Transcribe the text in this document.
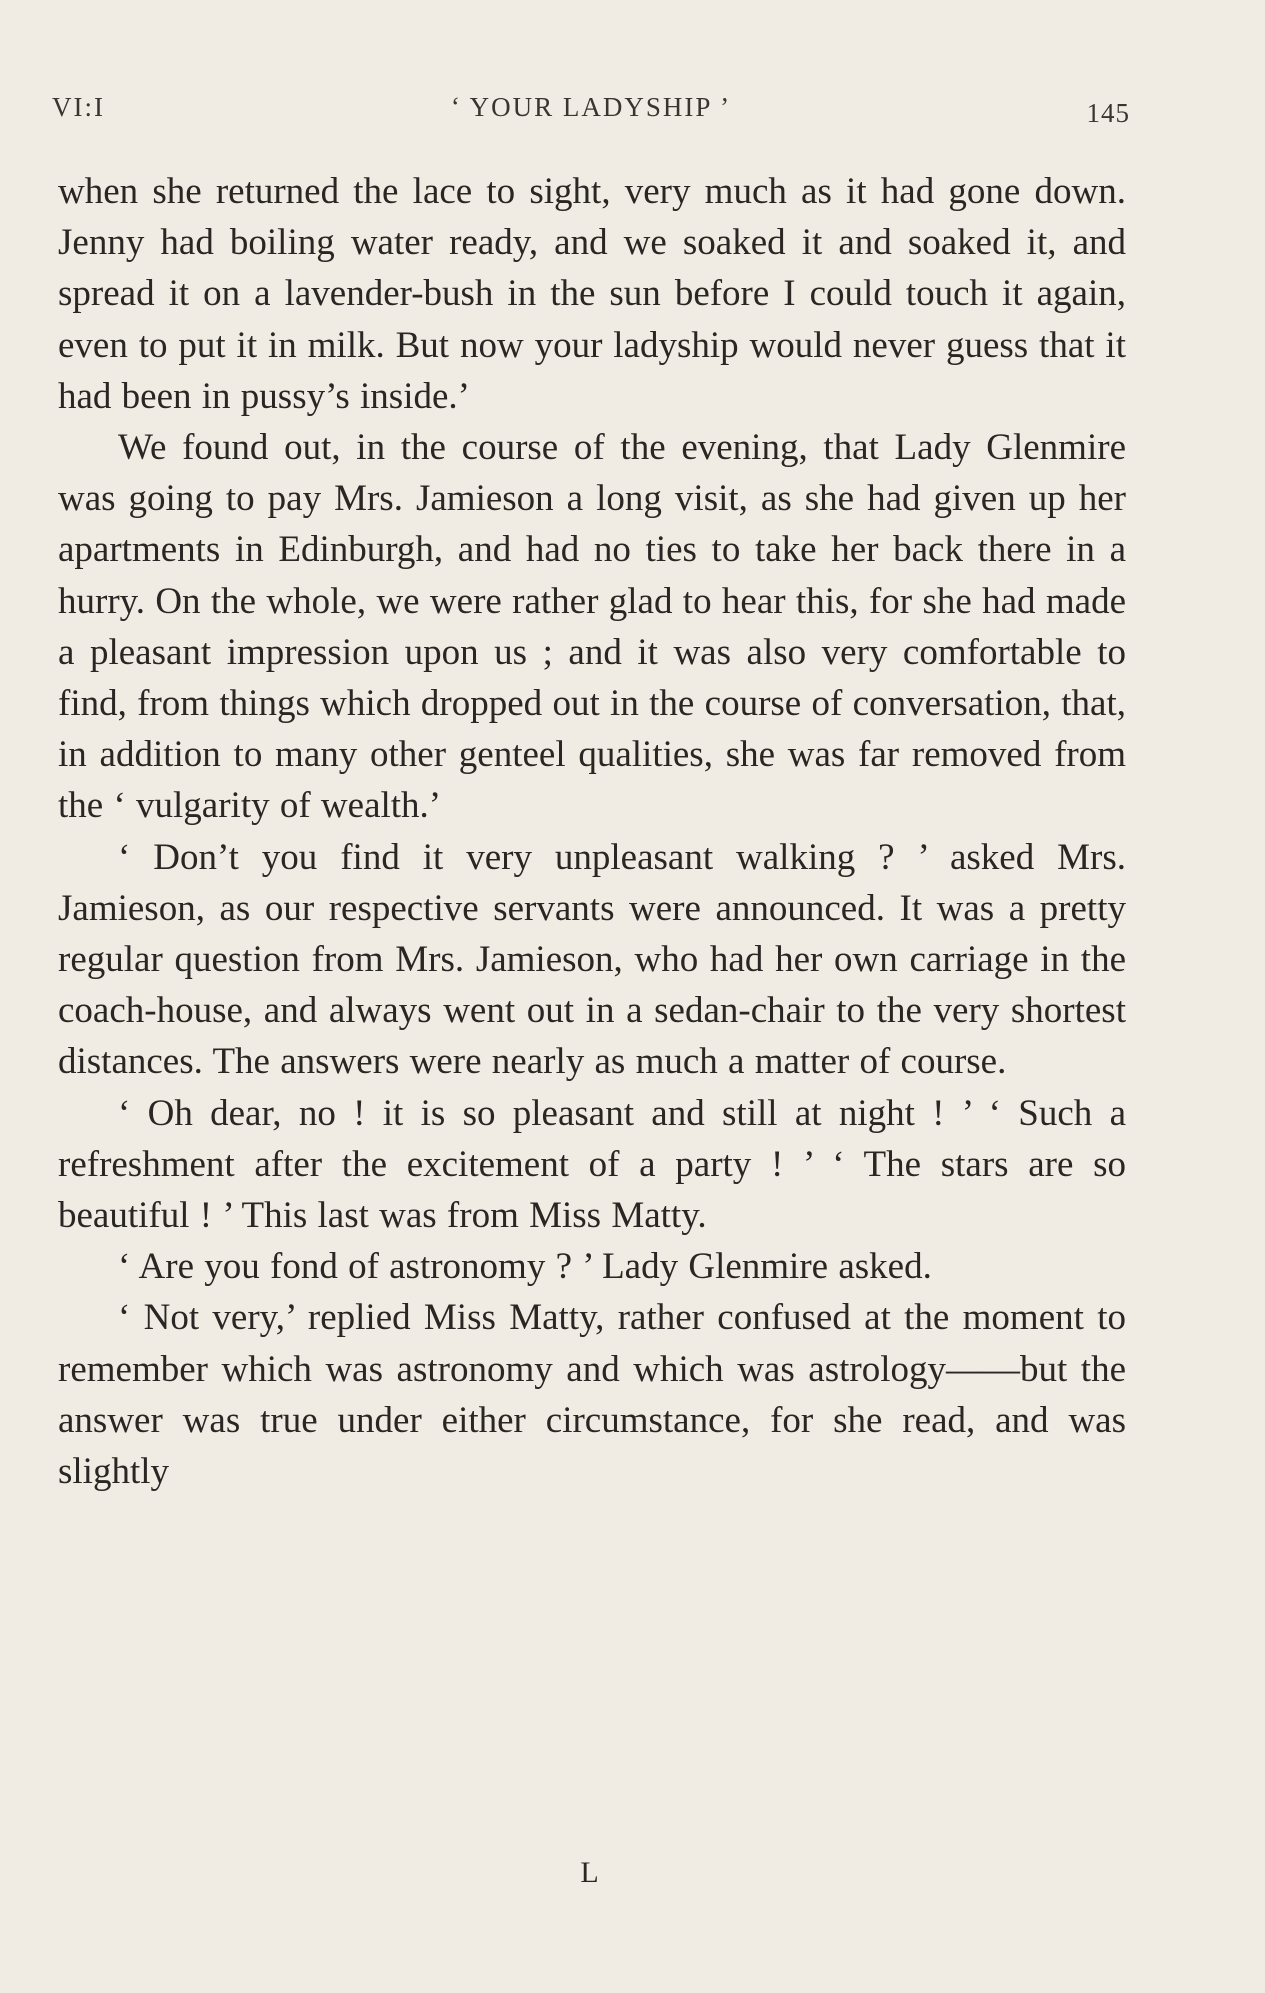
VI:I	‘ YOUR LADYSHIP ’	145

when she returned the lace to sight, very much as it had gone down. Jenny had boiling water ready, and we soaked it and soaked it, and spread it on a lavender-bush in the sun before I could touch it again, even to put it in milk. But now your ladyship would never guess that it had been in pussy’s inside.’

We found out, in the course of the evening, that Lady Glenmire was going to pay Mrs. Jamieson a long visit, as she had given up her apartments in Edinburgh, and had no ties to take her back there in a hurry. On the whole, we were rather glad to hear this, for she had made a pleasant impression upon us ; and it was also very comfortable to find, from things which dropped out in the course of conversation, that, in addition to many other genteel qualities, she was far removed from the ‘ vulgarity of wealth.’

‘ Don’t you find it very unpleasant walking ? ’ asked Mrs. Jamieson, as our respective servants were announced. It was a pretty regular question from Mrs. Jamieson, who had her own carriage in the coach-house, and always went out in a sedan-chair to the very shortest distances. The answers were nearly as much a matter of course.

‘ Oh dear, no ! it is so pleasant and still at night ! ’ ‘ Such a refreshment after the excitement of a party ! ’ ‘ The stars are so beautiful ! ’ This last was from Miss Matty.

‘ Are you fond of astronomy ? ’ Lady Glenmire asked.

‘ Not very,’ replied Miss Matty, rather confused at the moment to remember which was astronomy and which was astrology——but the answer was true under either circumstance, for she read, and was slightly

L
